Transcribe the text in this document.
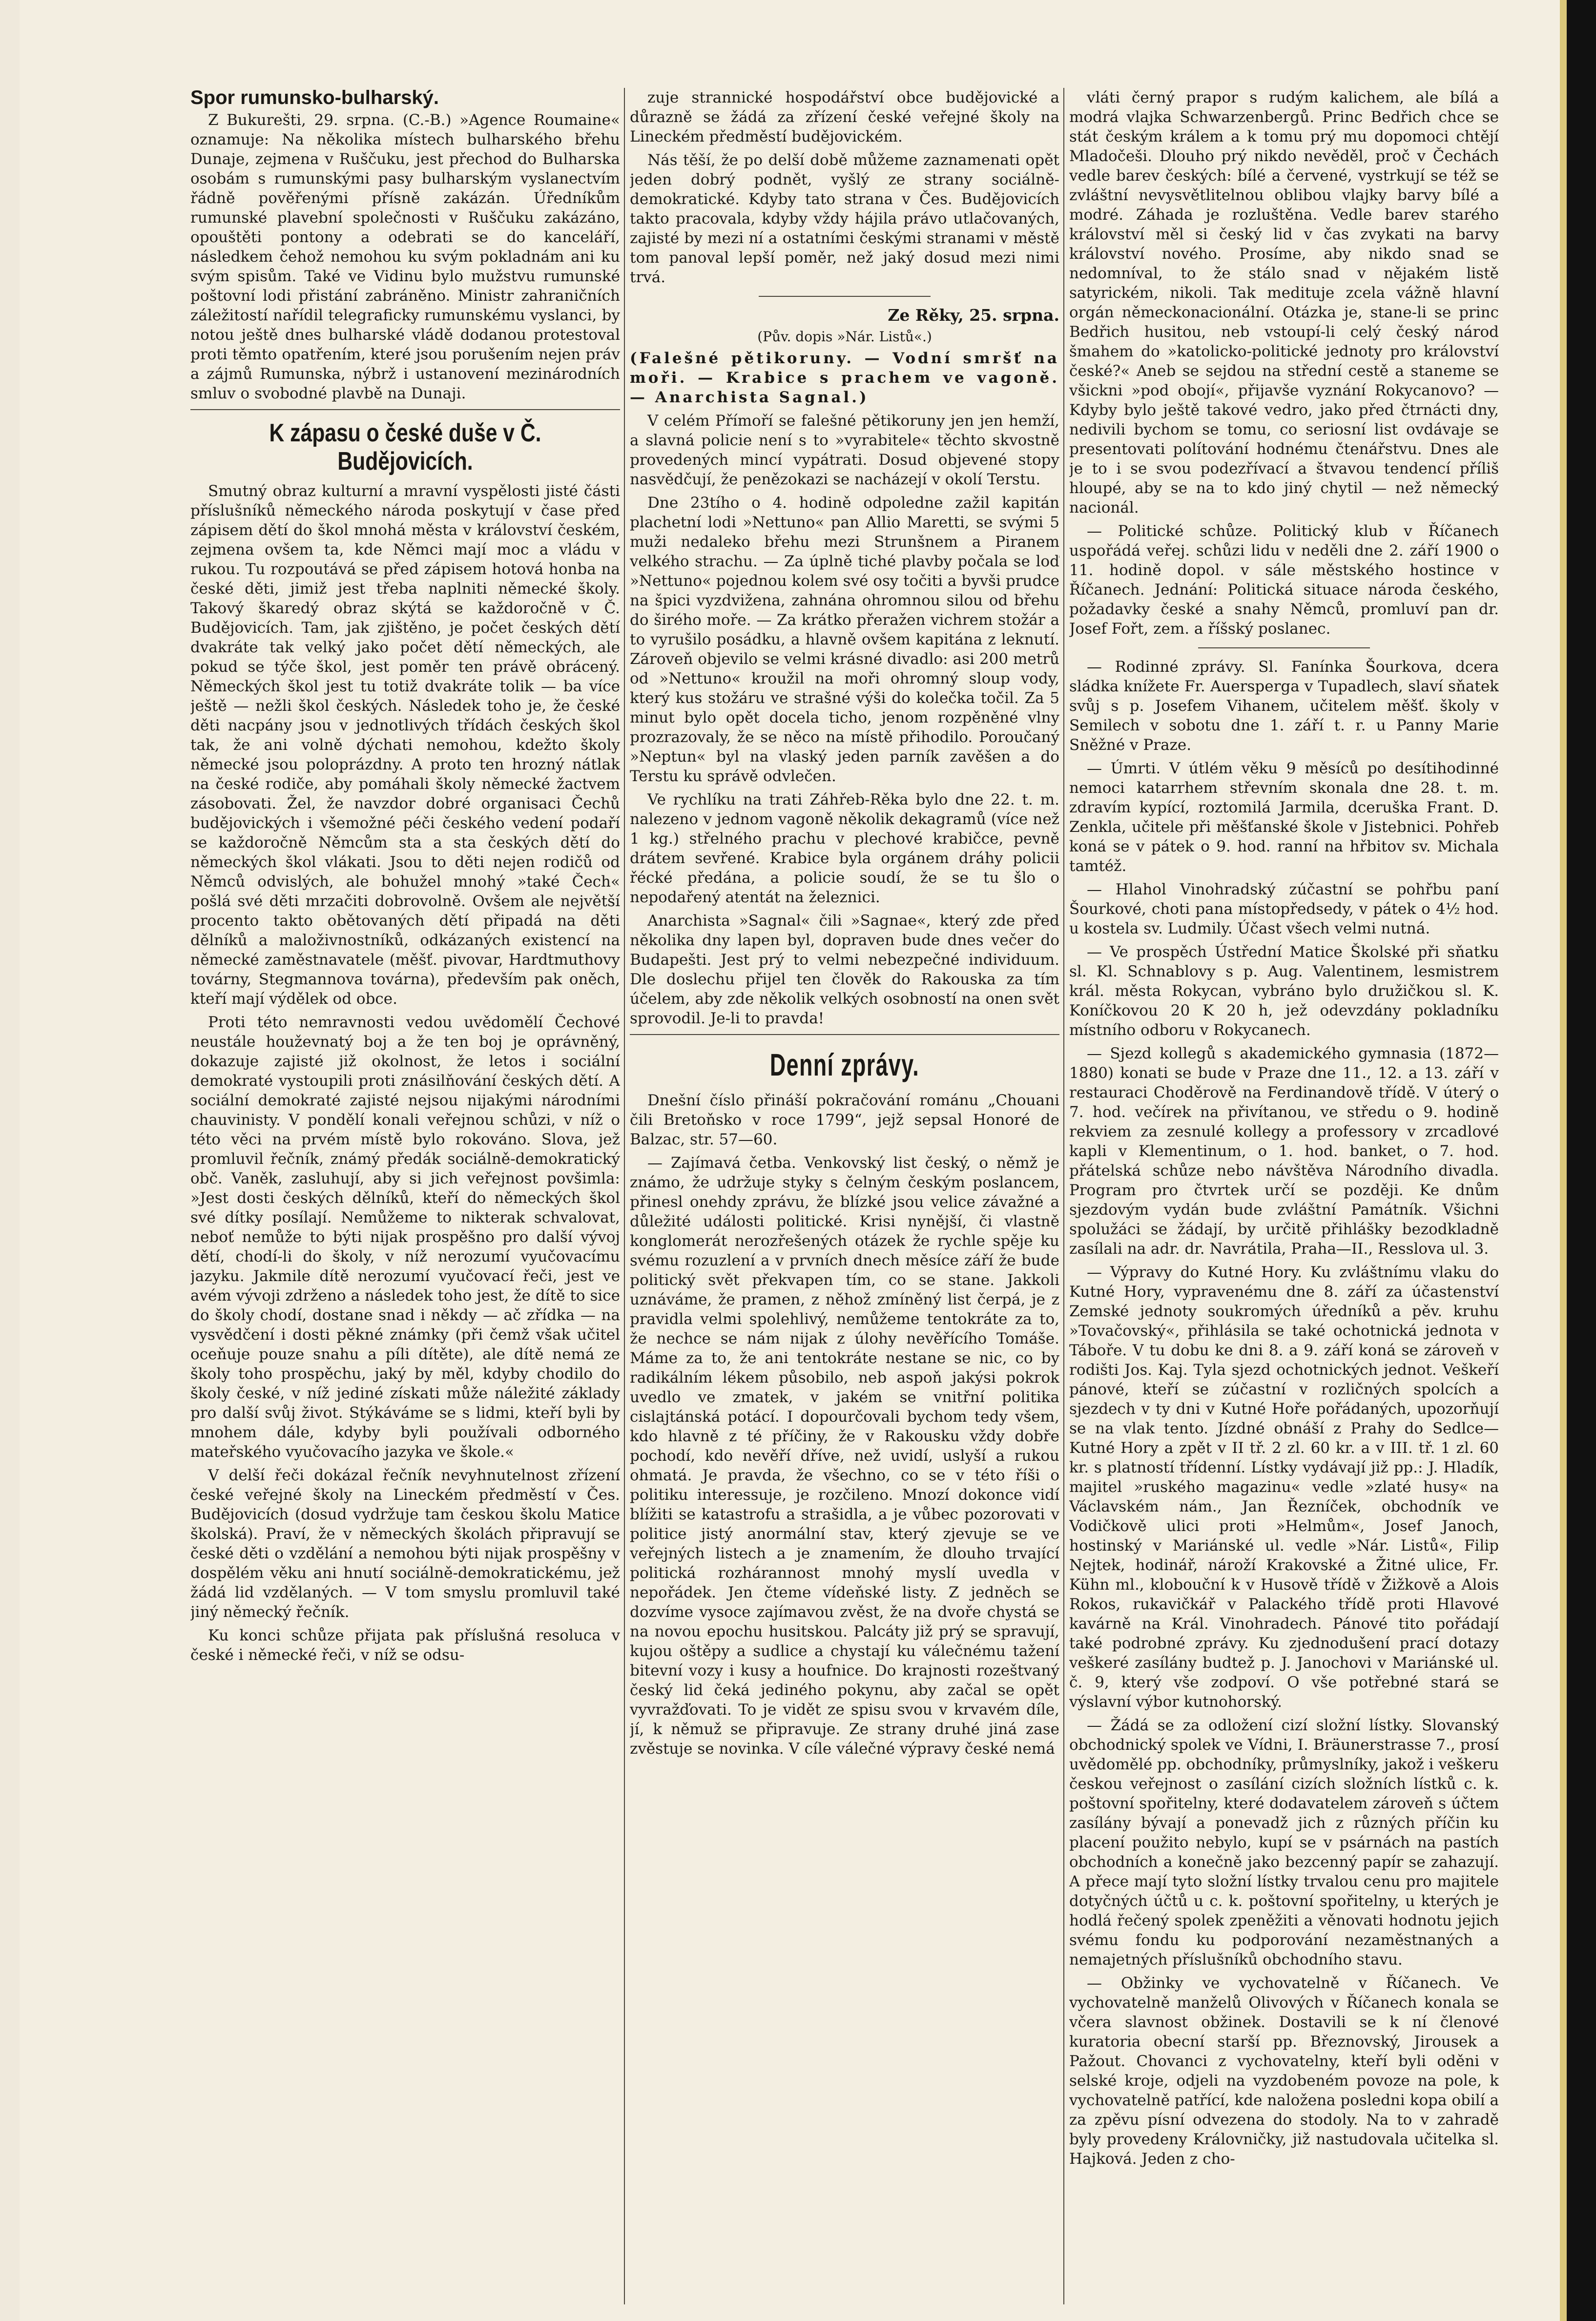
Spor rumunsko-bulharský.

Z Bukurešti, 29. srpna. (C.-B.) »Agence Roumaine« oznamuje: Na několika místech bulharského břehu Dunaje, zejmena v Ruščuku, jest přechod do Bulharska osobám s rumunskými pasy bulharským vyslanectvím řádně pověřenými přísně zakázán. Úředníkům rumunské plavební společnosti v Ruščuku zakázáno, opouštěti pontony a odebrati se do kanceláří, následkem čehož nemohou ku svým pokladnám ani ku svým spisům. Také ve Vidinu bylo mužstvu rumunské poštovní lodi přistání zabráněno. Ministr zahraničních záležitostí nařídil telegraficky rumunskému vyslanci, by notou ještě dnes bulharské vládě dodanou protestoval proti těmto opatřením, které jsou porušením nejen práv a zájmů Rumunska, nýbrž i ustanovení mezinárodních smluv o svobodné plavbě na Dunaji.

K zápasu o české duše v Č. Budějovicích.

Smutný obraz kulturní a mravní vyspělosti jisté části příslušníků německého národa poskytují v čase před zápisem dětí do škol mnohá města v království českém, zejmena ovšem ta, kde Němci mají moc a vládu v rukou. Tu rozpoutává se před zápisem hotová honba na české děti, jimiž jest třeba naplniti německé školy. Takový škaredý obraz skýtá se každoročně v Č. Budějovicích. Tam, jak zjištěno, je počet českých dětí dvakráte tak velký jako počet dětí německých, ale pokud se týče škol, jest poměr ten právě obrácený. Německých škol jest tu totiž dvakráte tolik — ba více ještě — nežli škol českých. Následek toho je, že české děti nacpány jsou v jednotlivých třídách českých škol tak, že ani volně dýchati nemohou, kdežto školy německé jsou poloprázdny. A proto ten hrozný nátlak na české rodiče, aby pomáhali školy německé žactvem zásobovati. Žel, že navzdor dobré organisaci Čechů budějovických i všemožné péči českého vedení podaří se každoročně Němcům sta a sta českých dětí do německých škol vlákati. Jsou to děti nejen rodičů od Němců odvislých, ale bohužel mnohý »také Čech« pošlá své děti mrzačiti dobrovolně. Ovšem ale největší procento takto obětovaných dětí připadá na děti dělníků a maloživnostníků, odkázaných existencí na německé zaměstnavatele (měšť. pivovar, Hardtmuthovy továrny, Stegmannova továrna), především pak oněch, kteří mají výdělek od obce.

Proti této nemravnosti vedou uvědomělí Čechové neustále houževnatý boj a že ten boj je oprávněný, dokazuje zajisté již okolnost, že letos i sociální demokraté vystoupili proti znásilňování českých dětí. A sociální demokraté zajisté nejsou nijakými národními chauvinisty. V pondělí konali veřejnou schůzi, v níž o této věci na prvém místě bylo rokováno. Slova, jež promluvil řečník, známý předák sociálně-demokratický obč. Vaněk, zasluhují, aby si jich veřejnost povšimla: »Jest dosti českých dělníků, kteří do německých škol své dítky posílají. Nemůžeme to nikterak schvalovat, neboť nemůže to býti nijak prospěšno pro další vývoj dětí, chodí-li do školy, v níž nerozumí vyučovacímu jazyku. Jakmile dítě nerozumí vyučovací řeči, jest ve avém vývoji zdrženo a následek toho jest, že dítě to sice do školy chodí, dostane snad i někdy — ač zřídka — na vysvědčení i dosti pěkné známky (při čemž však učitel oceňuje pouze snahu a píli dítěte), ale dítě nemá ze školy toho prospěchu, jaký by měl, kdyby chodilo do školy české, v níž jediné získati může náležité základy pro další svůj život. Stýkáváme se s lidmi, kteří byli by mnohem dále, kdyby byli používali odborného mateřského vyučovacího jazyka ve škole.«

V delší řeči dokázal řečník nevyhnutelnost zřízení české veřejné školy na Lineckém předměstí v Čes. Budějovicích (dosud vydržuje tam českou školu Matice školská). Praví, že v německých školách připravují se české děti o vzdělání a nemohou býti nijak prospěšny v dospělém věku ani hnutí sociálně-demokratickému, jež žádá lid vzdělaných. — V tom smyslu promluvil také jiný německý řečník.

Ku konci schůze přijata pak příslušná resoluca v české i německé řeči, v níž se odsu-

zuje strannické hospodářství obce budějovické a důrazně se žádá za zřízení české veřejné školy na Lineckém předměstí budějovickém.

Nás těší, že po delší době můžeme zaznamenati opět jeden dobrý podnět, vyšlý ze strany sociálně-demokratické. Kdyby tato strana v Čes. Budějovicích takto pracovala, kdyby vždy hájila právo utlačovaných, zajisté by mezi ní a ostatními českými stranami v městě tom panoval lepší poměr, než jaký dosud mezi nimi trvá.

Ze Rěky, 25. srpna.

(Pův. dopis »Nár. Listů«.)

(Falešné pětikoruny. — Vodní smršť na moři. — Krabice s prachem ve vagoně. — Anarchista Sagnal.)

V celém Přímoří se falešné pětikoruny jen jen hemží, a slavná policie není s to »vyrabitele« těchto skvostně provedených mincí vypátrati. Dosud objevené stopy nasvědčují, že penězokazi se nacházejí v okolí Terstu.

Dne 23tího o 4. hodině odpoledne zažil kapitán plachetní lodi »Nettuno« pan Allio Maretti, se svými 5 muži nedaleko břehu mezi Strunšnem a Piranem velkého strachu. — Za úplně tiché plavby počala se loď »Nettuno« pojednou kolem své osy točiti a byvši prudce na špici vyzdvižena, zahnána ohromnou silou od břehu do širého moře. — Za krátko přeražen vichrem stožár a to vyrušilo posádku, a hlavně ovšem kapitána z leknutí. Zároveň objevilo se velmi krásné divadlo: asi 200 metrů od »Nettuno« kroužil na moři ohromný sloup vody, který kus stožáru ve strašné výši do kolečka točil. Za 5 minut bylo opět docela ticho, jenom rozpěněné vlny prozrazovaly, že se něco na místě přihodilo. Poroučaný »Neptun« byl na vlaský jeden parník zavěšen a do Terstu ku správě odvlečen.

Ve rychlíku na trati Záhřeb-Rěka bylo dne 22. t. m. nalezeno v jednom vagoně několik dekagramů (více než 1 kg.) střelného prachu v plechové krabičce, pevně drátem sevřené. Krabice byla orgánem dráhy policii řécké předána, a policie soudí, že se tu šlo o nepodařený atentát na železnici.

Anarchista »Sagnal« čili »Sagnae«, který zde před několika dny lapen byl, dopraven bude dnes večer do Budapešti. Jest prý to velmi nebezpečné individuum. Dle doslechu přijel ten člověk do Rakouska za tím účelem, aby zde několik velkých osobností na onen svět sprovodil. Je-li to pravda!

Denní zprávy.

Dnešní číslo přináší pokračování románu „Chouani čili Bretoňsko v roce 1799“, jejž sepsal Honoré de Balzac, str. 57—60.

— Zajímavá četba. Venkovský list český, o němž je známo, že udržuje styky s čelným českým poslancem, přinesl onehdy zprávu, že blízké jsou velice závažné a důležité události politické. Krisi nynější, či vlastně konglomerát nerozřešených otázek že rychle spěje ku svému rozuzlení a v prvních dnech měsíce září že bude politický svět překvapen tím, co se stane. Jakkoli uznáváme, že pramen, z něhož zmíněný list čerpá, je z pravidla velmi spolehlivý, nemůžeme tentokráte za to, že nechce se nám nijak z úlohy nevěřícího Tomáše. Máme za to, že ani tentokráte nestane se nic, co by radikálním lékem působilo, neb aspoň jakýsi pokrok uvedlo ve zmatek, v jakém se vnitřní politika cislajtánská potácí. I dopourčovali bychom tedy všem, kdo hlavně z té příčiny, že v Rakousku vždy dobře pochodí, kdo nevěří dříve, než uvidí, uslyší a rukou ohmatá. Je pravda, že všechno, co se v této říši o politiku interessuje, je rozčileno. Mnozí dokonce vidí blížiti se katastrofu a strašidla, a je vůbec pozorovati v politice jistý anormální stav, který zjevuje se ve veřejných listech a je znamením, že dlouho trvající politická rozhárannost mnohý myslí uvedla v nepořádek. Jen čteme vídeňské listy. Z jedněch se dozvíme vysoce zajímavou zvěst, že na dvoře chystá se na novou epochu husitskou. Palcáty již prý se spravují, kujou oštěpy a sudlice a chystají ku válečnému tažení bitevní vozy i kusy a houfnice. Do krajnosti rozeštvaný český lid čeká jediného pokynu, aby začal se opět vyvražďovati. To je vidět ze spisu svou v krvavém díle, jí, k němuž se připravuje. Ze strany druhé jiná zase zvěstuje se novinka. V cíle válečné výpravy české nemá

vláti černý prapor s rudým kalichem, ale bílá a modrá vlajka Schwarzenbergů. Princ Bedřich chce se stát českým králem a k tomu prý mu dopomoci chtějí Mladočeši. Dlouho prý nikdo nevěděl, proč v Čechách vedle barev českých: bílé a červené, vystrkují se též se zvláštní nevysvětlitelnou oblibou vlajky barvy bílé a modré. Záhada je rozluštěna. Vedle barev starého království měl si český lid v čas zvykati na barvy království nového. Prosíme, aby nikdo snad se nedomníval, to že stálo snad v nějakém listě satyrickém, nikoli. Tak medituje zcela vážně hlavní orgán německonacionální. Otázka je, stane-li se princ Bedřich husitou, neb vstoupí-li celý český národ šmahem do »katolicko-politické jednoty pro království české?« Aneb se sejdou na střední cestě a staneme se všickni »pod obojí«, přijavše vyznání Rokycanovo? — Kdyby bylo ještě takové vedro, jako před čtrnácti dny, nedivili bychom se tomu, co seriosní list ovdávaje se presentovati polítování hodnému čtenářstvu. Dnes ale je to i se svou podezřívací a štvavou tendencí příliš hloupé, aby se na to kdo jiný chytil — než německý nacionál.

— Politické schůze. Politický klub v Říčanech uspořádá veřej. schůzi lidu v neděli dne 2. září 1900 o 11. hodině dopol. v sále městského hostince v Říčanech. Jednání: Politická situace národa českého, požadavky české a snahy Němců, promluví pan dr. Josef Fořt, zem. a říšský poslanec.

— Rodinné zprávy. Sl. Fanínka Šourkova, dcera sládka knížete Fr. Auersperga v Tupadlech, slaví sňatek svůj s p. Josefem Vihanem, učitelem měšť. školy v Semilech v sobotu dne 1. září t. r. u Panny Marie Sněžné v Praze.

— Úmrti. V útlém věku 9 měsíců po desítihodinné nemoci katarrhem střevním skonala dne 28. t. m. zdravím kypící, roztomilá Jarmila, dceruška Frant. D. Zenkla, učitele při měšťanské škole v Jistebnici. Pohřeb koná se v pátek o 9. hod. ranní na hřbitov sv. Michala tamtéž.

— Hlahol Vinohradský zúčastní se pohřbu paní Šourkové, choti pana místopředsedy, v pátek o 4½ hod. u kostela sv. Ludmily. Účast všech velmi nutná.

— Ve prospěch Ústřední Matice Školské při sňatku sl. Kl. Schnablovy s p. Aug. Valentinem, lesmistrem král. města Rokycan, vybráno bylo družičkou sl. K. Koníčkovou 20 K 20 h, jež odevzdány pokladníku místního odboru v Rokycanech.

— Sjezd kollegů s akademického gymnasia (1872—1880) konati se bude v Praze dne 11., 12. a 13. září v restauraci Choděrově na Ferdinandově třídě. V úterý o 7. hod. večírek na přivítanou, ve středu o 9. hodině rekviem za zesnulé kollegy a professory v zrcadlové kapli v Klementinum, o 1. hod. banket, o 7. hod. přátelská schůze nebo návštěva Národního divadla. Program pro čtvrtek určí se později. Ke dnům sjezdovým vydán bude zvláštní Památník. Všichni spolužáci se žádají, by určitě přihlášky bezodkladně zasílali na adr. dr. Navrátila, Praha—II., Resslova ul. 3.

— Výpravy do Kutné Hory. Ku zvláštnímu vlaku do Kutné Hory, vypravenému dne 8. září za účastenství Zemské jednoty soukromých úředníků a pěv. kruhu »Tovačovský«, přihlásila se také ochotnická jednota v Táboře. V tu dobu ke dni 8. a 9. září koná se zároveň v rodišti Jos. Kaj. Tyla sjezd ochotnických jednot. Veškeří pánové, kteří se zúčastní v rozličných spolcích a sjezdech v ty dni v Kutné Hoře pořádaných, upozorňují se na vlak tento. Jízdné obnáší z Prahy do Sedlce—Kutné Hory a zpět v II tř. 2 zl. 60 kr. a v III. tř. 1 zl. 60 kr. s platností třídenní. Lístky vydávají již pp.: J. Hladík, majitel »ruského magazinu« vedle »zlaté husy« na Václavském nám., Jan Řezníček, obchodník ve Vodičkově ulici proti »Helmům«, Josef Janoch, hostinský v Mariánské ul. vedle »Nár. Listů«, Filip Nejtek, hodinář, nároží Krakovské a Žitné ulice, Fr. Kühn ml., klobouční k v Husově třídě v Žižkově a Alois Rokos, rukavičkář v Palackého třídě proti Hlavové kavárně na Král. Vinohradech. Pánové tito pořádají také podrobné zprávy. Ku zjednodušení prací dotazy veškeré zasílány budtež p. J. Janochovi v Mariánské ul. č. 9, který vše zodpoví. O vše potřebné stará se výslavní výbor kutnohorský.

— Žádá se za odložení cizí složní lístky. Slovanský obchodnický spolek ve Vídni, I. Bräunerstrasse 7., prosí uvědomělé pp. obchodníky, průmyslníky, jakož i veškeru českou veřejnost o zasílání cizích složních lístků c. k. poštovní spořitelny, které dodavatelem zároveň s účtem zasílány bývají a ponevadž jich z různých příčin ku placení použito nebylo, kupí se v psárnách na pastích obchodních a konečně jako bezcenný papír se zahazují. A přece mají tyto složní lístky trvalou cenu pro majitele dotyčných účtů u c. k. poštovní spořitelny, u kterých je hodlá řečený spolek zpeněžiti a věnovati hodnotu jejich svému fondu ku podporování nezaměstnaných a nemajetných příslušníků obchodního stavu.

— Obžinky ve vychovatelně v Říčanech. Ve vychovatelně manželů Olivových v Říčanech konala se včera slavnost obžinek. Dostavili se k ní členové kuratoria obecní starší pp. Březnovský, Jirousek a Pažout. Chovanci z vychovatelny, kteří byli oděni v selské kroje, odjeli na vyzdobeném povoze na pole, k vychovatelně patřící, kde naložena posledni kopa obilí a za zpěvu písní odvezena do stodoly. Na to v zahradě byly provedeny Královničky, již nastudovala učitelka sl. Hajková. Jeden z cho-
